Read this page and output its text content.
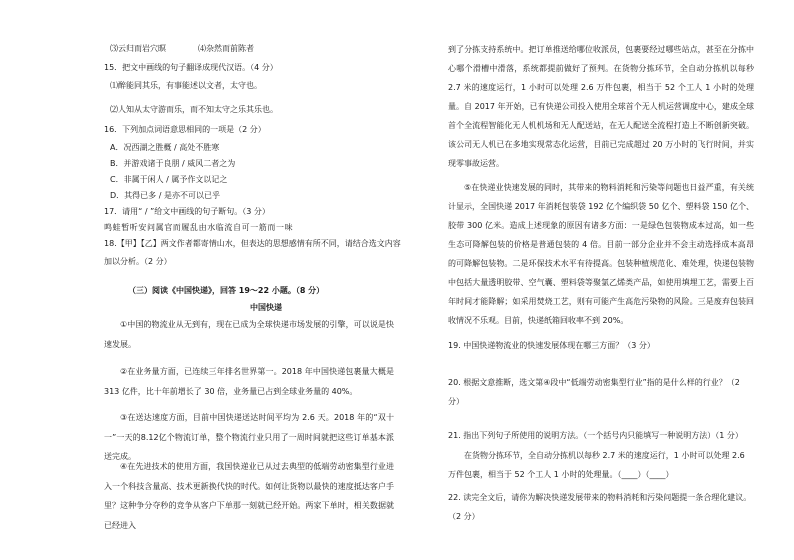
⑶云归而岩穴暝　　　　⑷杂然而前陈者
15．把文中画线的句子翻译成现代汉语。（4 分）
⑴醉能同其乐，有事能述以文者，太守也。
⑵人知从太守游而乐，而不知太守之乐其乐也。
16．下列加点词语意思相同的一项是（2 分）
A．况西湖之胜概 / 高处不胜寒
B．并游戏诸于良朋 / 威风二者之为
C．非属于闲人 / 属予作文以记之
D．其得已多 / 是亦不可以已乎
17．请用“ / ”给文中画线的句子断句。（3 分）
鸣蛙暂听安问属官而履乱由水临流自可一筋而一味
18.【甲】【乙】两文作者都寄情山水，但表达的思想感情有所不同，请结合选文内容
加以分析。（2 分）
（三）阅读《中国快递》，回答 19～22 小题。（8 分）
中国快递
①中国的物流业从无到有，现在已成为全球快递市场发展的引擎，可以说是快速发展。
②在业务量方面，已连续三年排名世界第一。2018 年中国快递包裹量大概是 313 亿件，比十年前增长了 30 倍，业务量已占到全球业务量的 40%。
③在送达速度方面，目前中国快递送达时间平均为 2.6 天。2018 年的“双十一”一天的8.12亿个物流订单，整个物流行业只用了一周时间就把这些订单基本派送完成。
④在先进技术的使用方面，我国快递业已从过去典型的低端劳动密集型行业进入一个科技含量高、技术更新换代快的时代。如何让货物以最快的速度抵达客户手里？这种争分夺秒的竞争从客户下单那一刻就已经开始。两家下单时，相关数据就已经进入
到了分拣支持系统中。把订单推送给哪位收派员，包裹要经过哪些站点，甚至在分拣中心哪个滑槽中滑落，系统都提前做好了预判。在货物分拣环节，全自动分拣机以每秒 2.7 米的速度运行，1 小时可以处理 2.6 万件包裹，相当于 52 个工人 1 小时的处理量。自 2017 年开始，已有快递公司投入使用全球首个无人机运营调度中心，建成全球首个全流程智能化无人机机场和无人配送站，在无人配送全流程打造上不断创新突破。该公司无人机已在多地实现常态化运营，目前已完成超过 20 万小时的飞行时间，并实现零事故运营。
⑤在快递业快速发展的同时，其带来的物料消耗和污染等问题也日益严重，有关统计显示，全国快递 2017 年消耗包装袋 192 亿个编织袋 50 亿个、塑料袋 150 亿个、胶带 300 亿米。造成上述现象的原因有诸多方面：一是绿色包装物成本过高，如一些生态可降解包装的价格是普通包装的 4 倍。目前一部分企业并不会主动选择成本高昂的可降解包装物。二是环保技术水平有待提高。包装种植规范化、难处理，快递包装物中包括大量透明胶带、空气囊、塑料袋等聚氯乙烯类产品，如使用填埋工艺，需要上百年时间才能降解；如采用焚烧工艺，则有可能产生高危污染物的风险。三是废弃包装回收情况不乐观。目前，快递纸箱回收率不到 20%。
19. 中国快递物流业的快速发展体现在哪三方面？（3 分）
20. 根据文意推断，选文第④段中“低端劳动密集型行业”指的是什么样的行业？（2 分）
21. 指出下列句子所使用的说明方法。（一个括号内只能填写一种说明方法）（1 分）
在货物分拣环节，全自动分拣机以每秒 2.7 米的速度运行，1 小时可以处理 2.6 万件包裹，相当于 52 个工人 1 小时的处理量。（____）（____）
22. 读完全文后，请你为解决快递发展带来的物料消耗和污染问题提一条合理化建议。（2 分）
